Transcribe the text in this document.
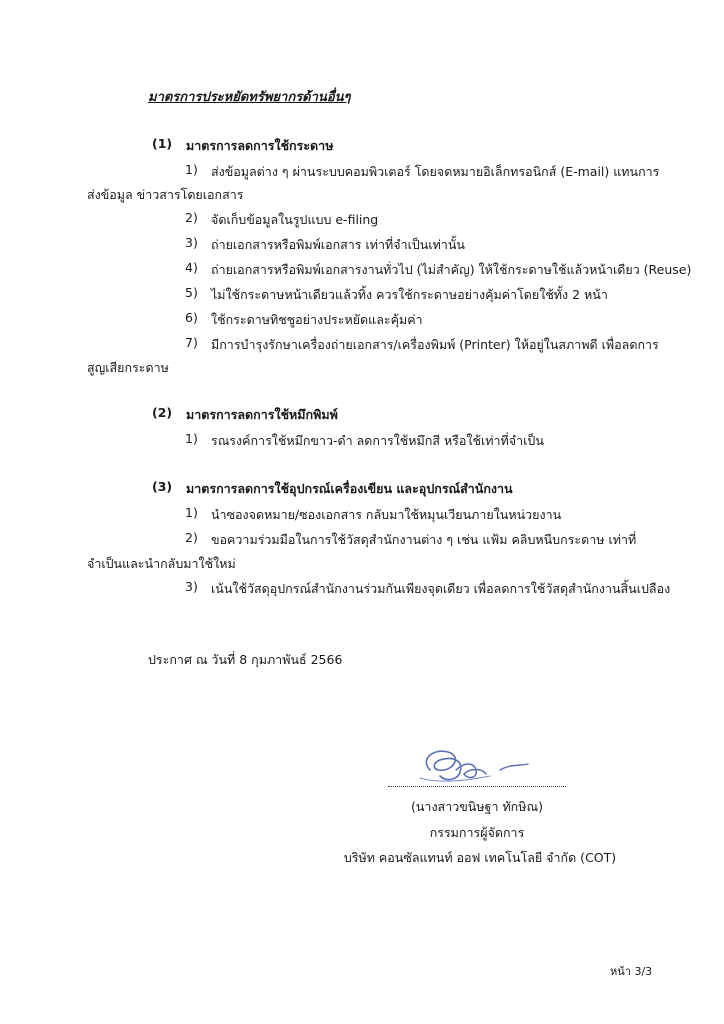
มาตรการประหยัดทรัพยากรด้านอื่นๆ
(1) มาตรการลดการใช้กระดาษ
1) ส่งข้อมูลต่าง ๆ ผ่านระบบคอมพิวเตอร์ โดยจดหมายอิเล็กทรอนิกส์ (E-mail) แทนการ
ส่งข้อมูล ข่าวสารโดยเอกสาร
2) จัดเก็บข้อมูลในรูปแบบ e-filing
3) ถ่ายเอกสารหรือพิมพ์เอกสาร เท่าที่จำเป็นเท่านั้น
4) ถ่ายเอกสารหรือพิมพ์เอกสารงานทั่วไป (ไม่สำคัญ) ให้ใช้กระดาษใช้แล้วหน้าเดียว (Reuse)
5) ไม่ใช้กระดาษหน้าเดียวแล้วทิ้ง ควรใช้กระดาษอย่างคุ้มค่าโดยใช้ทั้ง 2 หน้า
6) ใช้กระดาษทิชชูอย่างประหยัดและคุ้มค่า
7) มีการบำรุงรักษาเครื่องถ่ายเอกสาร/เครื่องพิมพ์ (Printer) ให้อยู่ในสภาพดี เพื่อลดการ
สูญเสียกระดาษ
(2) มาตรการลดการใช้หมึกพิมพ์
1) รณรงค์การใช้หมึกขาว-ดำ ลดการใช้หมึกสี หรือใช้เท่าที่จำเป็น
(3) มาตรการลดการใช้อุปกรณ์เครื่องเขียน และอุปกรณ์สำนักงาน
1) นำซองจดหมาย/ซองเอกสาร กลับมาใช้หมุนเวียนภายในหน่วยงาน
2) ขอความร่วมมือในการใช้วัสดุสำนักงานต่าง ๆ เช่น แฟ้ม คลิบหนีบกระดาษ เท่าที่
จำเป็นและนำกลับมาใช้ใหม่
3) เน้นใช้วัสดุอุปกรณ์สำนักงานร่วมกันเพียงจุดเดียว เพื่อลดการใช้วัสดุสำนักงานสิ้นเปลือง
ประกาศ ณ วันที่ 8 กุมภาพันธ์ 2566
(นางสาวขนิษฐา ทักษิณ)
กรรมการผู้จัดการ
บริษัท คอนซัลแทนท์ ออฟ เทคโนโลยี จำกัด (COT)
หน้า 3/3
